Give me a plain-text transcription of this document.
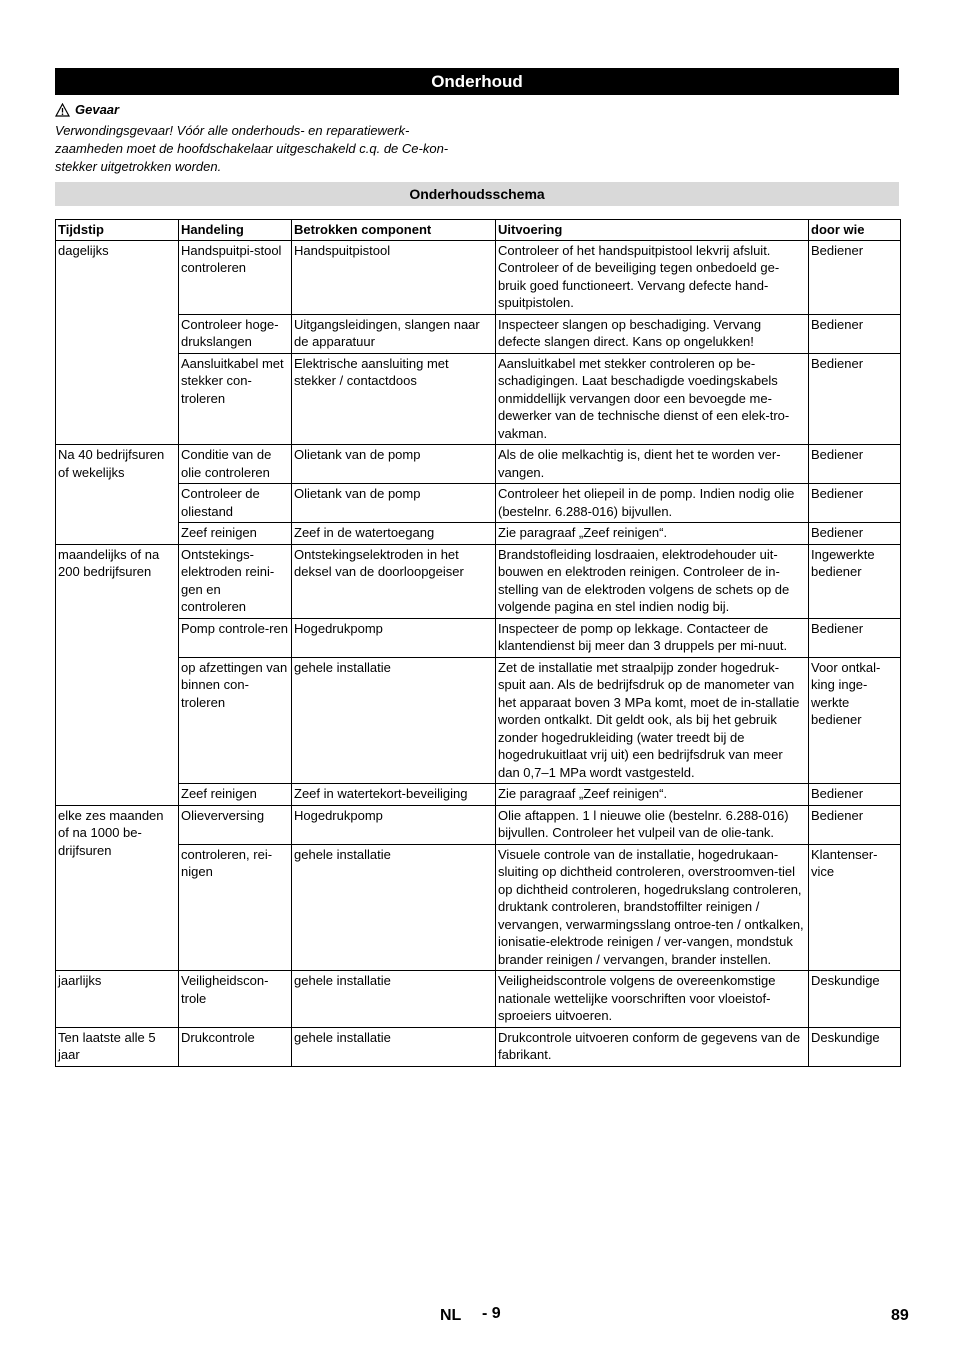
Onderhoud
Gevaar
Verwondingsgevaar! Vóór alle onderhouds- en reparatiewerk-zaamheden moet de hoofdschakelaar uitgeschakeld c.q. de Ce-kon-stekker uitgetrokken worden.
Onderhoudsschema
Tijdstip	Handeling	Betrokken component	Uitvoering	door wie
dagelijks	Handspuitpi-stool controleren	Handspuitpistool	Controleer of het handspuitpistool lekvrij afsluit. Controleer of de beveiliging tegen onbedoeld ge-bruik goed functioneert. Vervang defecte hand-spuitpistolen.	Bediener
	Controleer hoge-drukslangen	Uitgangsleidingen, slangen naar de apparatuur	Inspecteer slangen op beschadiging. Vervang defecte slangen direct. Kans op ongelukken!	Bediener
	Aansluitkabel met stekker con-troleren	Elektrische aansluiting met stekker / contactdoos	Aansluitkabel met stekker controleren op be-schadigingen. Laat beschadigde voedingskabels onmiddellijk vervangen door een bevoegde me-dewerker van de technische dienst of een elek-tro-vakman.	Bediener
Na 40 bedrijfsuren of wekelijks	Conditie van de olie controleren	Olietank van de pomp	Als de olie melkachtig is, dient het te worden ver-vangen.	Bediener
	Controleer de oliestand	Olietank van de pomp	Controleer het oliepeil in de pomp. Indien nodig olie (bestelnr. 6.288-016) bijvullen.	Bediener
	Zeef reinigen	Zeef in de watertoegang	Zie paragraaf „Zeef reinigen“.	Bediener
maandelijks of na 200 bedrijfsuren	Ontstekings-elektroden reini-gen en controleren	Ontstekingselektroden in het deksel van de doorloopgeiser	Brandstofleiding losdraaien, elektrodehouder uit-bouwen en elektroden reinigen. Controleer de in-stelling van de elektroden volgens de schets op de volgende pagina en stel indien nodig bij.	Ingewerkte bediener
	Pomp controle-ren	Hogedrukpomp	Inspecteer de pomp op lekkage. Contacteer de klantendienst bij meer dan 3 druppels per mi-nuut.	Bediener
	op afzettingen van binnen con-troleren	gehele installatie	Zet de installatie met straalpijp zonder hogedruk-spuit aan. Als de bedrijfsdruk op de manometer van het apparaat boven 3 MPa komt, moet de in-stallatie worden ontkalkt. Dit geldt ook, als bij het gebruik zonder hogedrukleiding (water treedt bij de hogedrukuitlaat vrij uit) een bedrijfsdruk van meer dan 0,7–1 MPa wordt vastgesteld.	Voor ontkal-king inge-werkte bediener
	Zeef reinigen	Zeef in watertekort-beveiliging	Zie paragraaf „Zeef reinigen“.	Bediener
elke zes maanden of na 1000 be-drijfsuren	Olieverversing	Hogedrukpomp	Olie aftappen. 1 l nieuwe olie (bestelnr. 6.288-016) bijvullen. Controleer het vulpeil van de olie-tank.	Bediener
	controleren, rei-nigen	gehele installatie	Visuele controle van de installatie, hogedrukaan-sluiting op dichtheid controleren, overstroomven-tiel op dichtheid controleren, hogedrukslang controleren, druktank controleren, brandstoffilter reinigen / vervangen, verwarmingsslang ontroe-ten / ontkalken, ionisatie-elektrode reinigen / ver-vangen, mondstuk brander reinigen / vervangen, brander instellen.	Klantenser-vice
jaarlijks	Veiligheidscon-trole	gehele installatie	Veiligheidscontrole volgens de overeenkomstige nationale wettelijke voorschriften voor vloeistof-sproeiers uitvoeren.	Deskundige
Ten laatste alle 5 jaar	Drukcontrole	gehele installatie	Drukcontrole uitvoeren conform de gegevens van de fabrikant.	Deskundige
NL - 9	89
